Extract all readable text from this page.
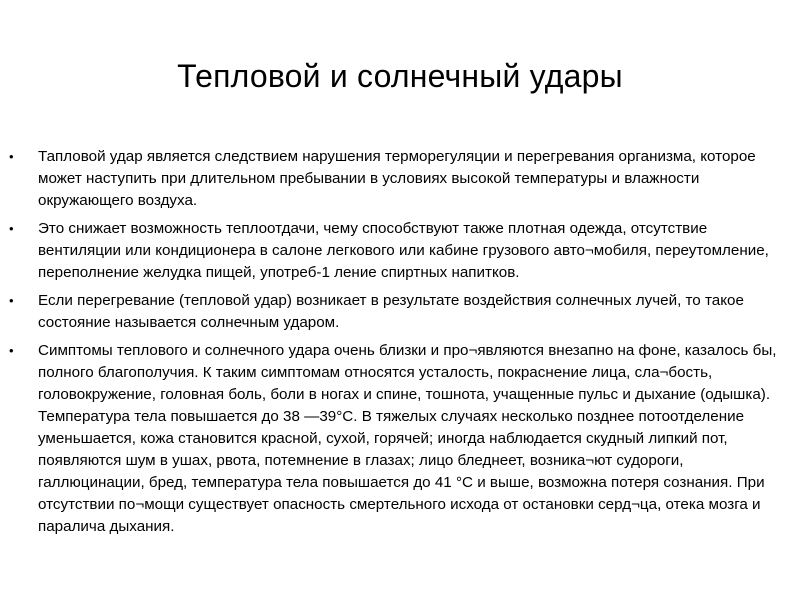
Тепловой и солнечный удары
• Тапловой удар является следствием нарушения терморегуляции и перегревания организма, которое может наступить при длительном пребывании в условиях высокой температуры и влажности окружающего воздуха.
• Это снижает возможность теплоотдачи, чему способствуют также плотная одежда, отсутствие вентиляции или кондиционера в салоне легкового или кабине грузового авто¬мобиля, переутомление, переполнение желудка пищей, употреб-1 ление спиртных напитков.
• Если перегревание (тепловой удар) возникает в результате воздействия солнечных лучей, то такое состояние называется солнечным ударом.
• Симптомы теплового и солнечного удара очень близки и про¬являются внезапно на фоне, казалось бы, полного благополучия. К таким симптомам относятся усталость, покраснение лица, сла¬бость, головокружение, головная боль, боли в ногах и спине, тошнота, учащенные пульс и дыхание (одышка). Температура тела повышается до 38 —39°С. В тяжелых случаях несколько позднее потоотделение уменьшается, кожа становится красной, сухой, горячей; иногда наблюдается скудный липкий пот, появляются шум в ушах, рвота, потемнение в глазах; лицо бледнеет, возника¬ют судороги, галлюцинации, бред, температура тела повышается до 41 °С и выше, возможна потеря сознания. При отсутствии по¬мощи существует опасность смертельного исхода от остановки серд¬ца, отека мозга и паралича дыхания.
